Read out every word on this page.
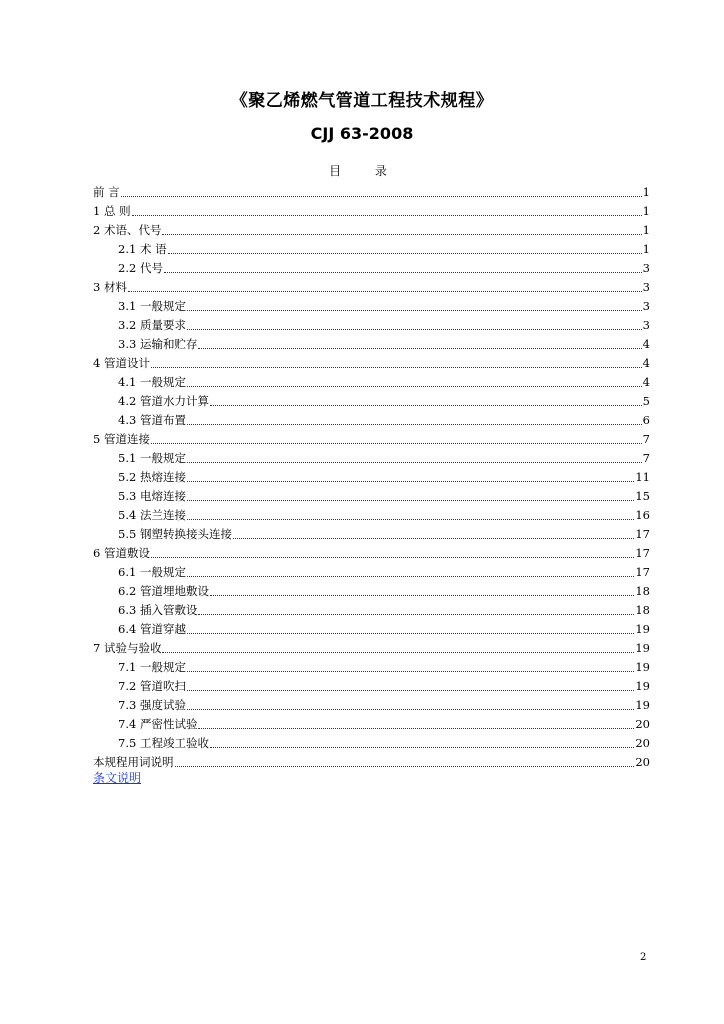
《聚乙烯燃气管道工程技术规程》
CJJ 63-2008
目 录
前 言	1
1 总 则	1
2 术语、代号	1
2.1 术 语	1
2.2 代号	3
3 材料	3
3.1 一般规定	3
3.2 质量要求	3
3.3 运输和贮存	4
4 管道设计	4
4.1 一般规定	4
4.2 管道水力计算	5
4.3 管道布置	6
5 管道连接	7
5.1 一般规定	7
5.2 热熔连接	11
5.3 电熔连接	15
5.4 法兰连接	16
5.5 钢塑转换接头连接	17
6 管道敷设	17
6.1 一般规定	17
6.2 管道埋地敷设	18
6.3 插入管敷设	18
6.4 管道穿越	19
7 试验与验收	19
7.1 一般规定	19
7.2 管道吹扫	19
7.3 强度试验	19
7.4 严密性试验	20
7.5 工程竣工验收	20
本规程用词说明	20
条文说明
2
